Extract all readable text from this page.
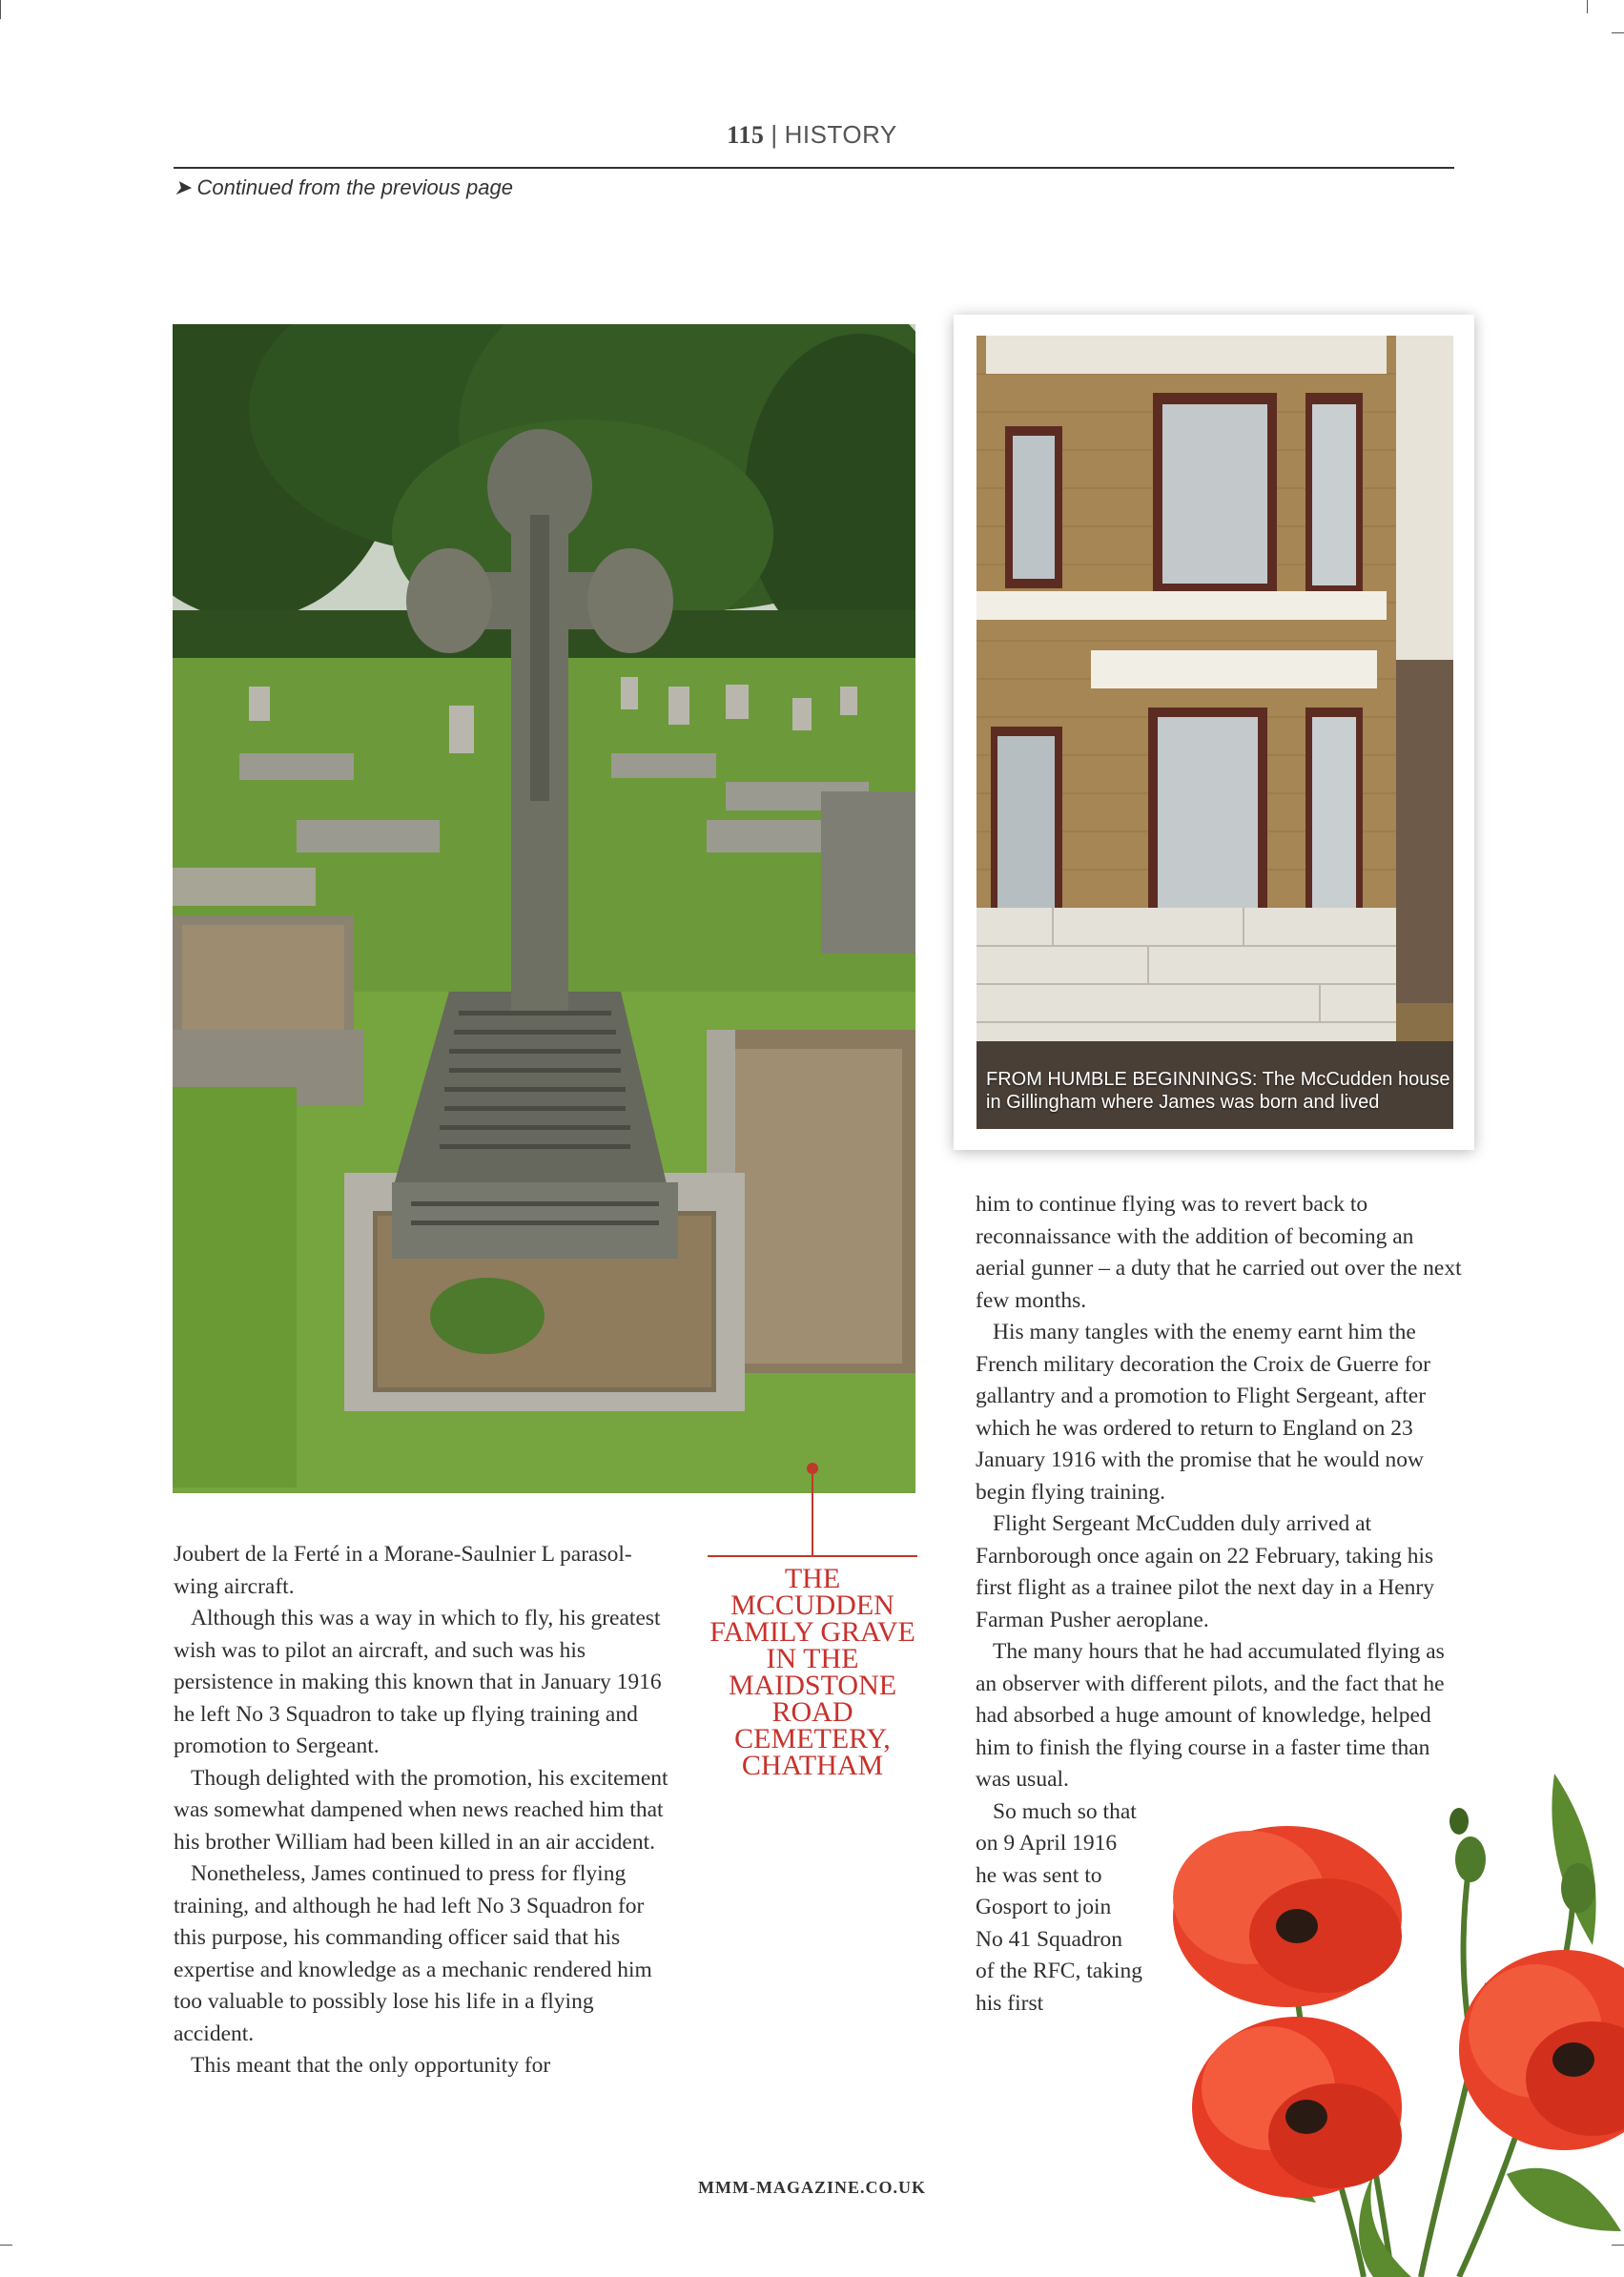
115 | HISTORY
➤ Continued from the previous page
FROM HUMBLE BEGINNINGS: The McCudden house in Gillingham where James was born and lived
THE MCCUDDEN FAMILY GRAVE IN THE MAIDSTONE ROAD CEMETERY, CHATHAM

Joubert de la Ferté in a Morane-Saulnier L parasol-wing aircraft.

Although this was a way in which to fly, his greatest wish was to pilot an aircraft, and such was his persistence in making this known that in January 1916 he left No 3 Squadron to take up flying training and promotion to Sergeant.

Though delighted with the promotion, his excitement was somewhat dampened when news reached him that his brother William had been killed in an air accident.

Nonetheless, James continued to press for flying training, and although he had left No 3 Squadron for this purpose, his commanding officer said that his expertise and knowledge as a mechanic rendered him too valuable to possibly lose his life in a flying accident.

This meant that the only opportunity for

him to continue flying was to revert back to reconnaissance with the addition of becoming an aerial gunner – a duty that he carried out over the next few months.

His many tangles with the enemy earnt him the French military decoration the Croix de Guerre for gallantry and a promotion to Flight Sergeant, after which he was ordered to return to England on 23 January 1916 with the promise that he would now begin flying training.

Flight Sergeant McCudden duly arrived at Farnborough once again on 22 February, taking his first flight as a trainee pilot the next day in a Henry Farman Pusher aeroplane.

The many hours that he had accumulated flying as an observer with different pilots, and the fact that he had absorbed a huge amount of knowledge, helped him to finish the flying course in a faster time than was usual.

So much so that on 9 April 1916 he was sent to Gosport to join No 41 Squadron of the RFC, taking his first

MMM-MAGAZINE.CO.UK
